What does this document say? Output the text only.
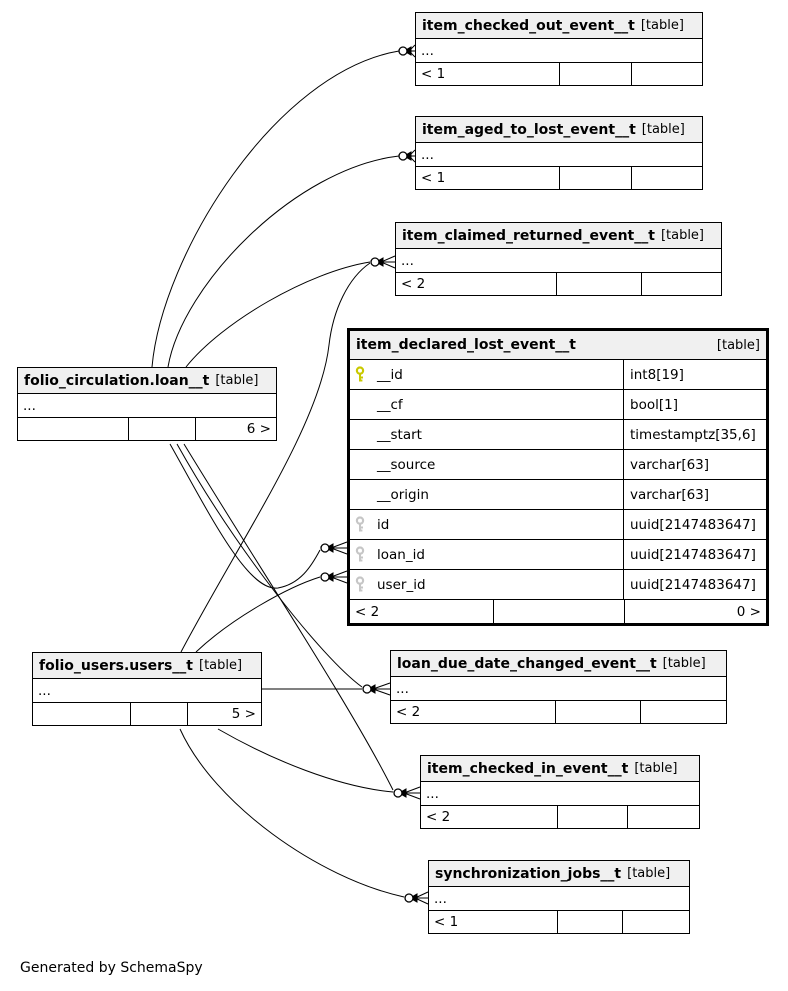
item_checked_out_event__t [table]
...
< 1
item_aged_to_lost_event__t [table]
...
< 1
item_claimed_returned_event__t [table]
...
< 2
item_declared_lost_event__t	[table]
__id	int8[19]
__cf	bool[1]
__start	timestamptz[35,6]
__source	varchar[63]
__origin	varchar[63]
id	uuid[2147483647]
loan_id	uuid[2147483647]
user_id	uuid[2147483647]
< 2	0 >
folio_circulation.loan__t [table]
...
6 >
folio_users.users__t [table]
...
5 >
loan_due_date_changed_event__t [table]
...
< 2
item_checked_in_event__t [table]
...
< 2
synchronization_jobs__t [table]
...
< 1
Generated by SchemaSpy
